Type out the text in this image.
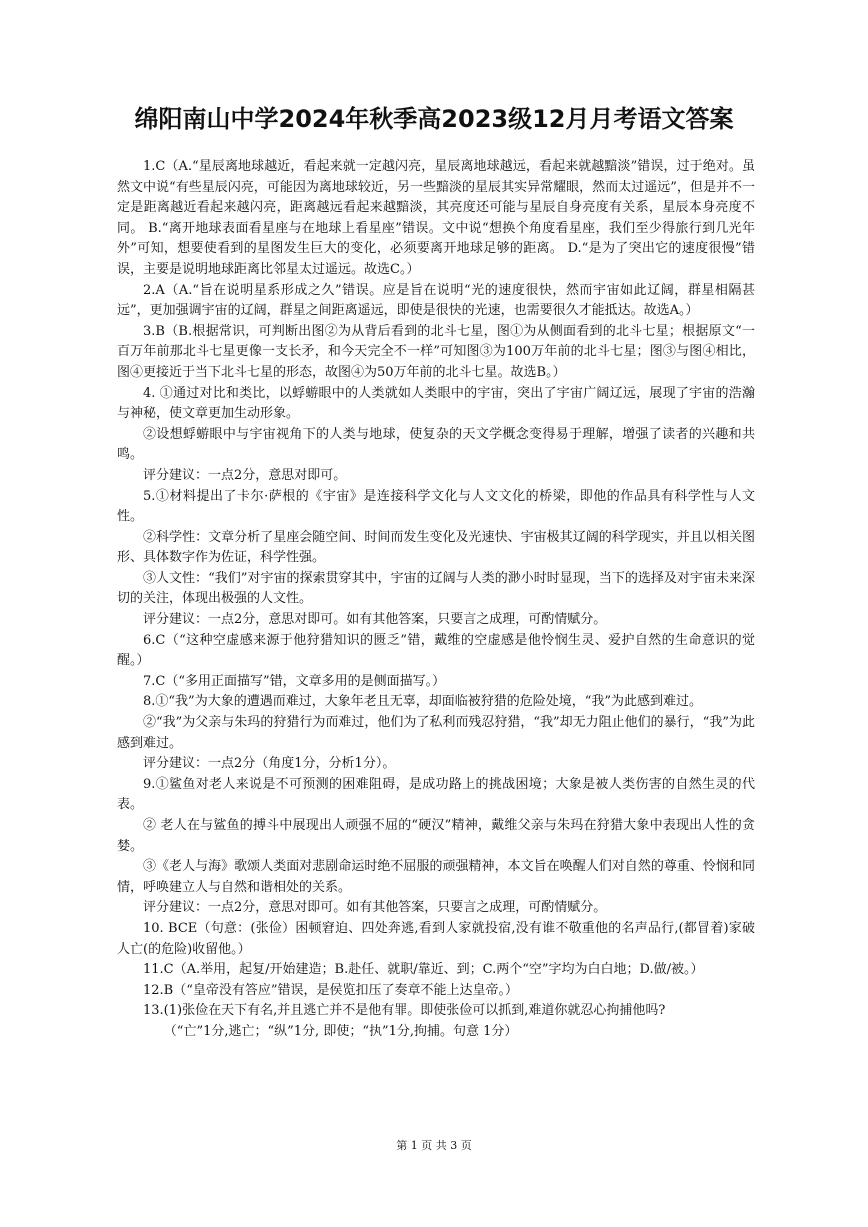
绵阳南山中学2024年秋季高2023级12月月考语文答案

1.C（A.“星辰离地球越近，看起来就一定越闪亮，星辰离地球越远，看起来就越黯淡”错误，过于绝对。虽然文中说“有些星辰闪亮，可能因为离地球较近，另一些黯淡的星辰其实异常耀眼，然而太过遥远”，但是并不一定是距离越近看起来越闪亮，距离越远看起来越黯淡，其亮度还可能与星辰自身亮度有关系，星辰本身亮度不同。 B.“离开地球表面看星座与在地球上看星座”错误。文中说“想换个角度看星座，我们至少得旅行到几光年外”可知，想要使看到的星图发生巨大的变化，必须要离开地球足够的距离。 D.“是为了突出它的速度很慢”错误，主要是说明地球距离比邻星太过遥远。故选C。）

2.A（A.“旨在说明星系形成之久”错误。应是旨在说明“光的速度很快，然而宇宙如此辽阔，群星相隔甚远”，更加强调宇宙的辽阔，群星之间距离遥远，即使是很快的光速，也需要很久才能抵达。故选A。）

3.B（B.根据常识，可判断出图②为从背后看到的北斗七星，图①为从侧面看到的北斗七星；根据原文“一百万年前那北斗七星更像一支长矛，和今天完全不一样”可知图③为100万年前的北斗七星；图③与图④相比，图④更接近于当下北斗七星的形态，故图④为50万年前的北斗七星。故选B。）

4. ①通过对比和类比，以蜉蝣眼中的人类就如人类眼中的宇宙，突出了宇宙广阔辽远，展现了宇宙的浩瀚与神秘，使文章更加生动形象。

②设想蜉蝣眼中与宇宙视角下的人类与地球，使复杂的天文学概念变得易于理解，增强了读者的兴趣和共鸣。

评分建议：一点2分，意思对即可。

5.①材料提出了卡尔·萨根的《宇宙》是连接科学文化与人文文化的桥梁，即他的作品具有科学性与人文性。

②科学性：文章分析了星座会随空间、时间而发生变化及光速快、宇宙极其辽阔的科学现实，并且以相关图形、具体数字作为佐证，科学性强。

③人文性：“我们”对宇宙的探索贯穿其中，宇宙的辽阔与人类的渺小时时显现，当下的选择及对宇宙未来深切的关注，体现出极强的人文性。

评分建议：一点2分，意思对即可。如有其他答案，只要言之成理，可酌情赋分。

6.C（“这种空虚感来源于他狩猎知识的匮乏”错，戴维的空虚感是他怜悯生灵、爱护自然的生命意识的觉醒。）

7.C（“多用正面描写”错，文章多用的是侧面描写。）

8.①“我”为大象的遭遇而难过，大象年老且无辜，却面临被狩猎的危险处境，“我”为此感到难过。

②“我”为父亲与朱玛的狩猎行为而难过，他们为了私利而残忍狩猎，“我”却无力阻止他们的暴行，“我”为此感到难过。

评分建议：一点2分（角度1分，分析1分）。

9.①鲨鱼对老人来说是不可预测的困难阻碍，是成功路上的挑战困境；大象是被人类伤害的自然生灵的代表。

② 老人在与鲨鱼的搏斗中展现出人顽强不屈的“硬汉”精神，戴维父亲与朱玛在狩猎大象中表现出人性的贪婪。

③《老人与海》歌颂人类面对悲剧命运时绝不屈服的顽强精神，本文旨在唤醒人们对自然的尊重、怜悯和同情，呼唤建立人与自然和谐相处的关系。

评分建议：一点2分，意思对即可。如有其他答案，只要言之成理，可酌情赋分。

10. BCE（句意：(张俭）困顿窘迫、四处奔逃,看到人家就投宿,没有谁不敬重他的名声品行,(都冒着)家破人亡(的危险)收留他。）

11.C（A.举用，起复/开始建造；B.赴任、就职/靠近、到；C.两个“空”字均为白白地；D.做/被。）

12.B（“皇帝没有答应”错误，是侯览扣压了奏章不能上达皇帝。）

13.(1)张俭在天下有名,并且逃亡并不是他有罪。即使张俭可以抓到,难道你就忍心拘捕他吗?

（“亡”1分,逃亡；“纵”1分, 即使；“执”1分,拘捕。句意 1分）

第 1 页 共 3 页
